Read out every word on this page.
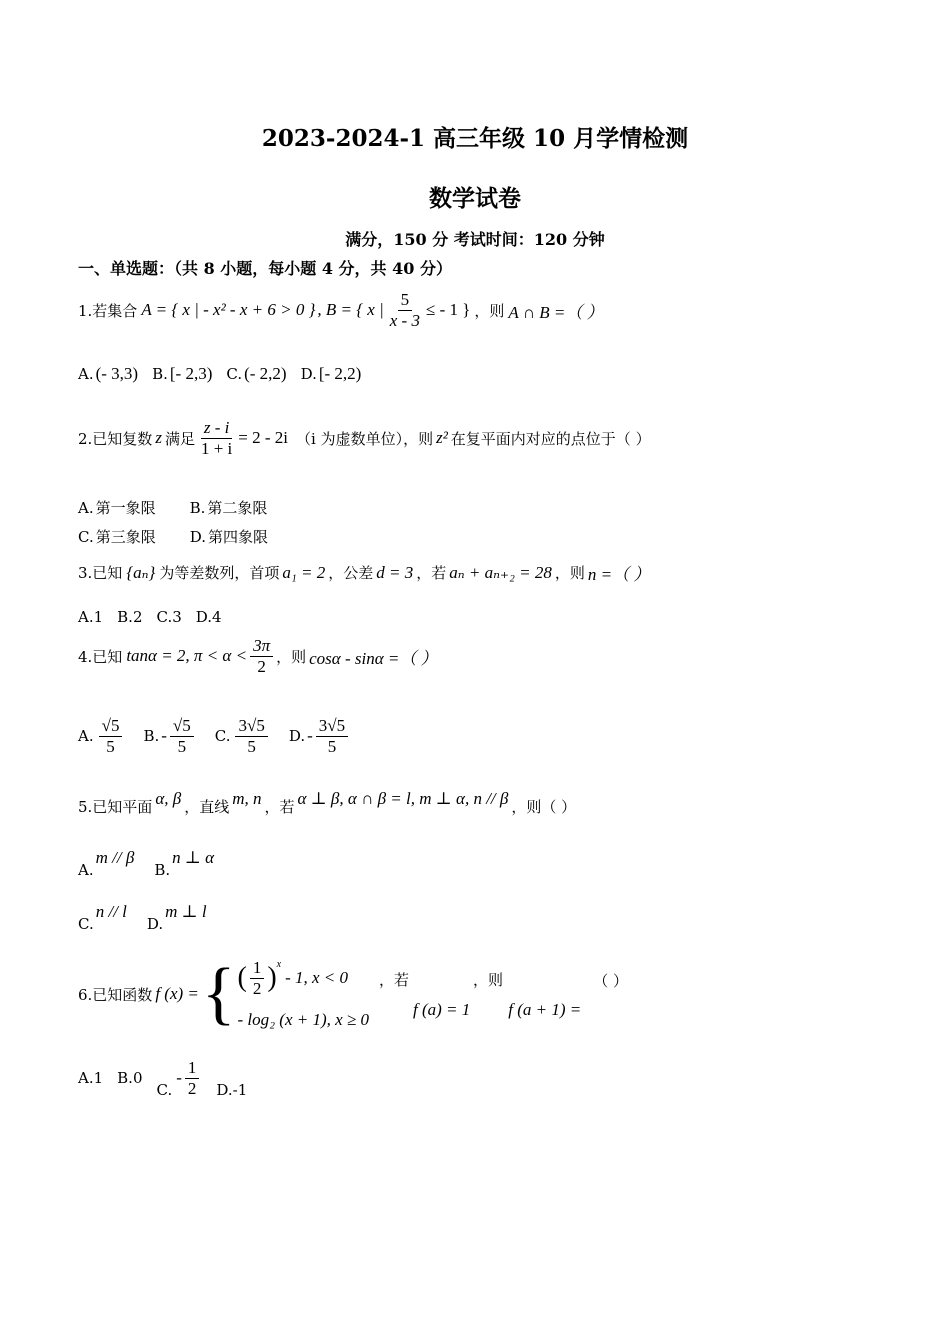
2023-2024-1 高三年级 10 月学情检测
数学试卷
满分，150 分 考试时间：120 分钟
一、单选题：（共 8 小题，每小题 4 分，共 40 分）
1.若集合 A = { x | - x² - x + 6 > 0 } , B = { x | $\frac{5}{x - 3}$ ≤ - 1 } ，则 A ∩ B =（ ）
A. (- 3,3) B. [- 2,3) C. (- 2,2) D. [- 2,2)
2.已知复数 z 满足 $\frac{z - i}{1 + i} = 2 - 2i$ （i 为虚数单位），则 z² 在复平面内对应的点位于（ ）
A. 第一象限 B. 第二象限
C. 第三象限 D. 第四象限
3.已知 {aₙ} 为等差数列，首项 a₁ = 2 ，公差 d = 3 ，若 aₙ + aₙ₊₂ = 28 ，则 n =（ ）
A. 1 B. 2 C. 3 D. 4
4.已知 tanα = 2, $\pi < \alpha < \frac{3\pi}{2}$ ，则 cosα - sinα =（ ）
A. $\frac{√5}{5} B$. - $\frac{√5}{5} C$. $\frac{3√5}{5} D$. - $\frac{3√5}{5}$
5.已知平面 α, β ，直线 m, n ，若 α ⊥ β, α ∩ β = l, m ⊥ α, n // β ，则（ ）
A.
m // β
B.
n ⊥ α
C.
n // l
D.
m ⊥ l
6.已知函数 f (x) = { ( $\frac{1}{2} )^x$
- 1, x < 0
- log₂ (x + 1), x ≥ 0
，若	，则
f (a) = 1 f (a + 1) =
（ ）
A. 1 B. 0
C.
- $\frac{1}{2} D$. -1
